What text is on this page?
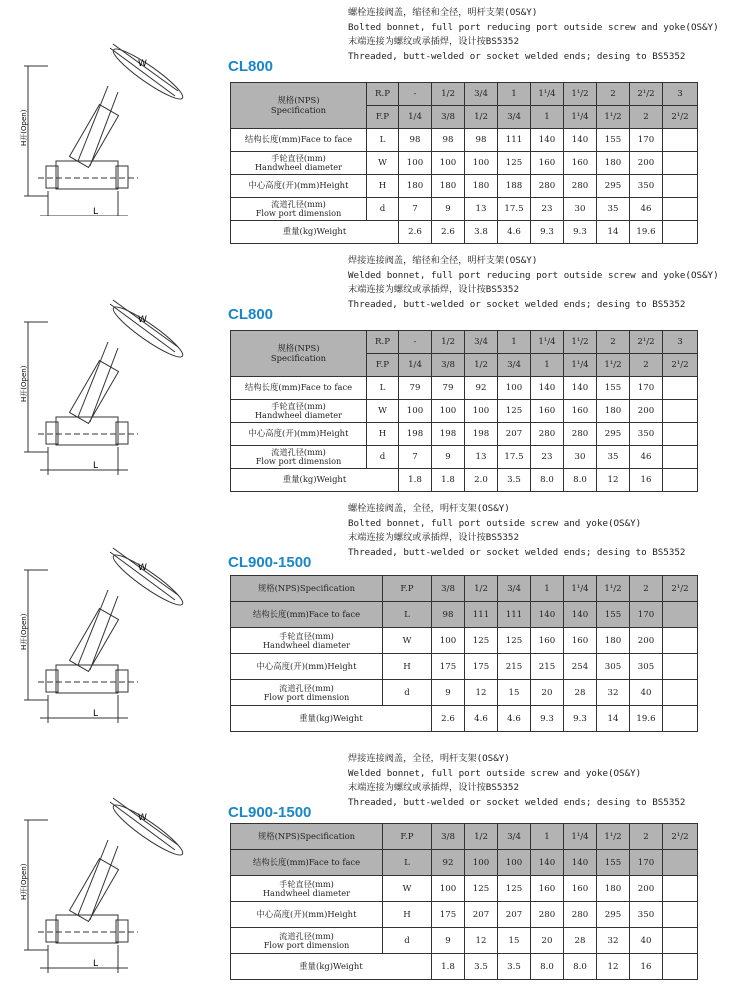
螺栓连接阀盖，缩径和全径，明杆支架(OS&Y)
Bolted bonnet, full port reducing port outside screw and yoke(OS&Y)
末端连接为螺纹或承插焊，设计按BS5352
Threaded, butt-welded or socket welded ends; desing to BS5352
CL800
W
L
H开(Open)
规格(NPS)
Specification	R.P	-	1/2	3/4	1	1¹/4	1¹/2	2	2¹/2	3
	F.P	1/4	3/8	1/2	3/4	1	1¹/4	1¹/2	2	2¹/2
结构长度(mm)Face to face	L	98	98	98	111	140	140	155	170	

手轮直径(mm)
Handwheel diameter	W	100	100	100	125	160	160	180	200	
中心高度(开)(mm)Height	H	180	180	180	188	280	280	295	350	

流道孔径(mm)
Flow port dimension	d	7	9	13	17.5	23	30	35	46	
重量(kg)Weight		2.6	2.6	3.8	4.6	9.3	9.3	14	19.6	
焊接连接阀盖，缩径和全径，明杆支架(OS&Y)
Welded bonnet, full port reducing port outside screw and yoke(OS&Y)
末端连接为螺纹或承插焊，设计按BS5352
Threaded, butt-welded or socket welded ends; desing to BS5352
CL800
W
L
H开(Open)
规格(NPS)
Specification	R.P	-	1/2	3/4	1	1¹/4	1¹/2	2	2¹/2	3
	F.P	1/4	3/8	1/2	3/4	1	1¹/4	1¹/2	2	2¹/2
结构长度(mm)Face to face	L	79	79	92	100	140	140	155	170	

手轮直径(mm)
Handwheel diameter	W	100	100	100	125	160	160	180	200	
中心高度(开)(mm)Height	H	198	198	198	207	280	280	295	350	

流道孔径(mm)
Flow port dimension	d	7	9	13	17.5	23	30	35	46	
重量(kg)Weight		1.8	1.8	2.0	3.5	8.0	8.0	12	16	
螺栓连接阀盖，全径，明杆支架(OS&Y)
Bolted bonnet, full port outside screw and yoke(OS&Y)
末端连接为螺纹或承插焊，设计按BS5352
Threaded, butt-welded or socket welded ends; desing to BS5352
CL900-1500
W
L
H开(Open)
规格(NPS)Specification	F.P	3/8	1/2	3/4	1	1¹/4	1¹/2	2	2¹/2
结构长度(mm)Face to face	L	98	111	111	140	140	155	170	

手轮直径(mm)
Handwheel diameter	W	100	125	125	160	160	180	200	
中心高度(开)(mm)Height	H	175	175	215	215	254	305	305	

流道孔径(mm)
Flow port dimension	d	9	12	15	20	28	32	40	
重量(kg)Weight		2.6	4.6	4.6	9.3	9.3	14	19.6	
焊接连接阀盖，全径，明杆支架(OS&Y)
Welded bonnet, full port outside screw and yoke(OS&Y)
末端连接为螺纹或承插焊，设计按BS5352
Threaded, butt-welded or socket welded ends; desing to BS5352
CL900-1500
W
L
H开(Open)
规格(NPS)Specification	F.P	3/8	1/2	3/4	1	1¹/4	1¹/2	2	2¹/2
结构长度(mm)Face to face	L	92	100	100	140	140	155	170	

手轮直径(mm)
Handwheel diameter	W	100	125	125	160	160	180	200	
中心高度(开)(mm)Height	H	175	207	207	280	280	295	350	

流道孔径(mm)
Flow port dimension	d	9	12	15	20	28	32	40	
重量(kg)Weight		1.8	3.5	3.5	8.0	8.0	12	16	
